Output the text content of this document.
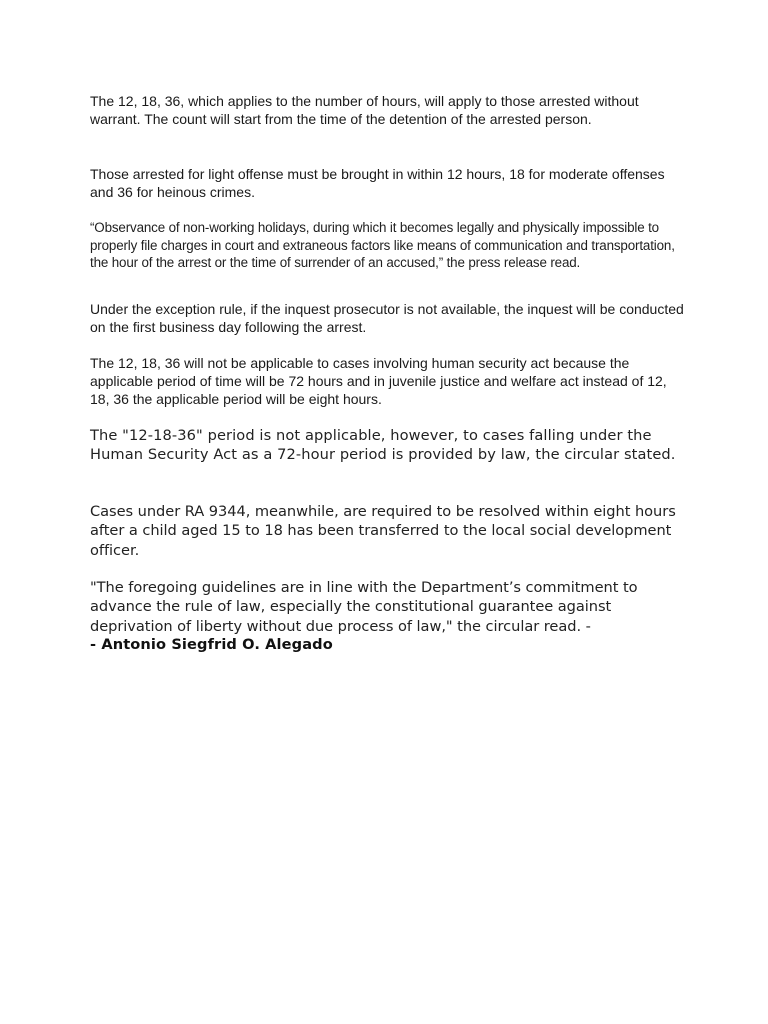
The 12, 18, 36, which applies to the number of hours, will apply to those arrested without warrant. The count will start from the time of the detention of the arrested person.

Those arrested for light offense must be brought in within 12 hours, 18 for moderate offenses and 36 for heinous crimes.

“Observance of non-working holidays, during which it becomes legally and physically impossible to properly file charges in court and extraneous factors like means of communication and transportation, the hour of the arrest or the time of surrender of an accused,” the press release read.

Under the exception rule, if the inquest prosecutor is not available, the inquest will be conducted on the first business day following the arrest.

The 12, 18, 36 will not be applicable to cases involving human security act because the applicable period of time will be 72 hours and in juvenile justice and welfare act instead of 12, 18, 36 the applicable period will be eight hours.

The "12-18-36" period is not applicable, however, to cases falling under the Human Security Act as a 72-hour period is provided by law, the circular stated.

Cases under RA 9344, meanwhile, are required to be resolved within eight hours after a child aged 15 to 18 has been transferred to the local social development officer.

"The foregoing guidelines are in line with the Department’s commitment to advance the rule of law, especially the constitutional guarantee against deprivation of liberty without due process of law," the circular read. -

- Antonio Siegfrid O. Alegado
